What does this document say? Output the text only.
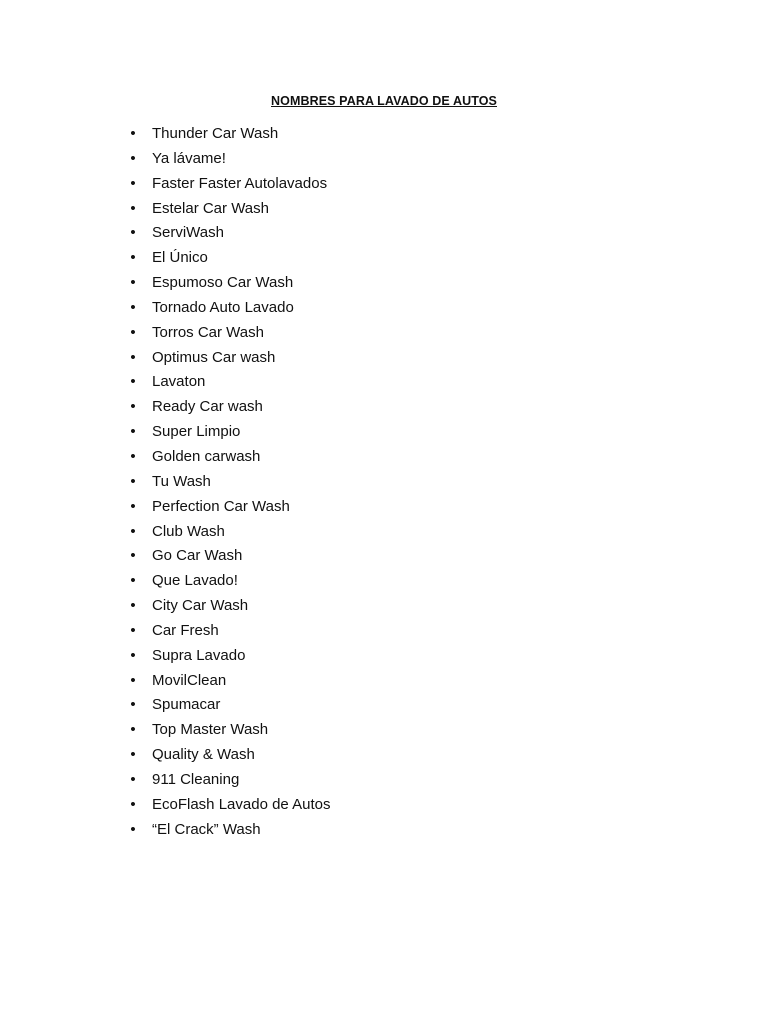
NOMBRES PARA LAVADO DE AUTOS
• Thunder Car Wash
• Ya lávame!
• Faster Faster Autolavados
• Estelar Car Wash
• ServiWash
• El Único
• Espumoso Car Wash
• Tornado Auto Lavado
• Torros Car Wash
• Optimus Car wash
• Lavaton
• Ready Car wash
• Super Limpio
• Golden carwash
• Tu Wash
• Perfection Car Wash
• Club Wash
• Go Car Wash
• Que Lavado!
• City Car Wash
• Car Fresh
• Supra Lavado
• MovilClean
• Spumacar
• Top Master Wash
• Quality & Wash
• 911 Cleaning
• EcoFlash Lavado de Autos
• “El Crack” Wash
